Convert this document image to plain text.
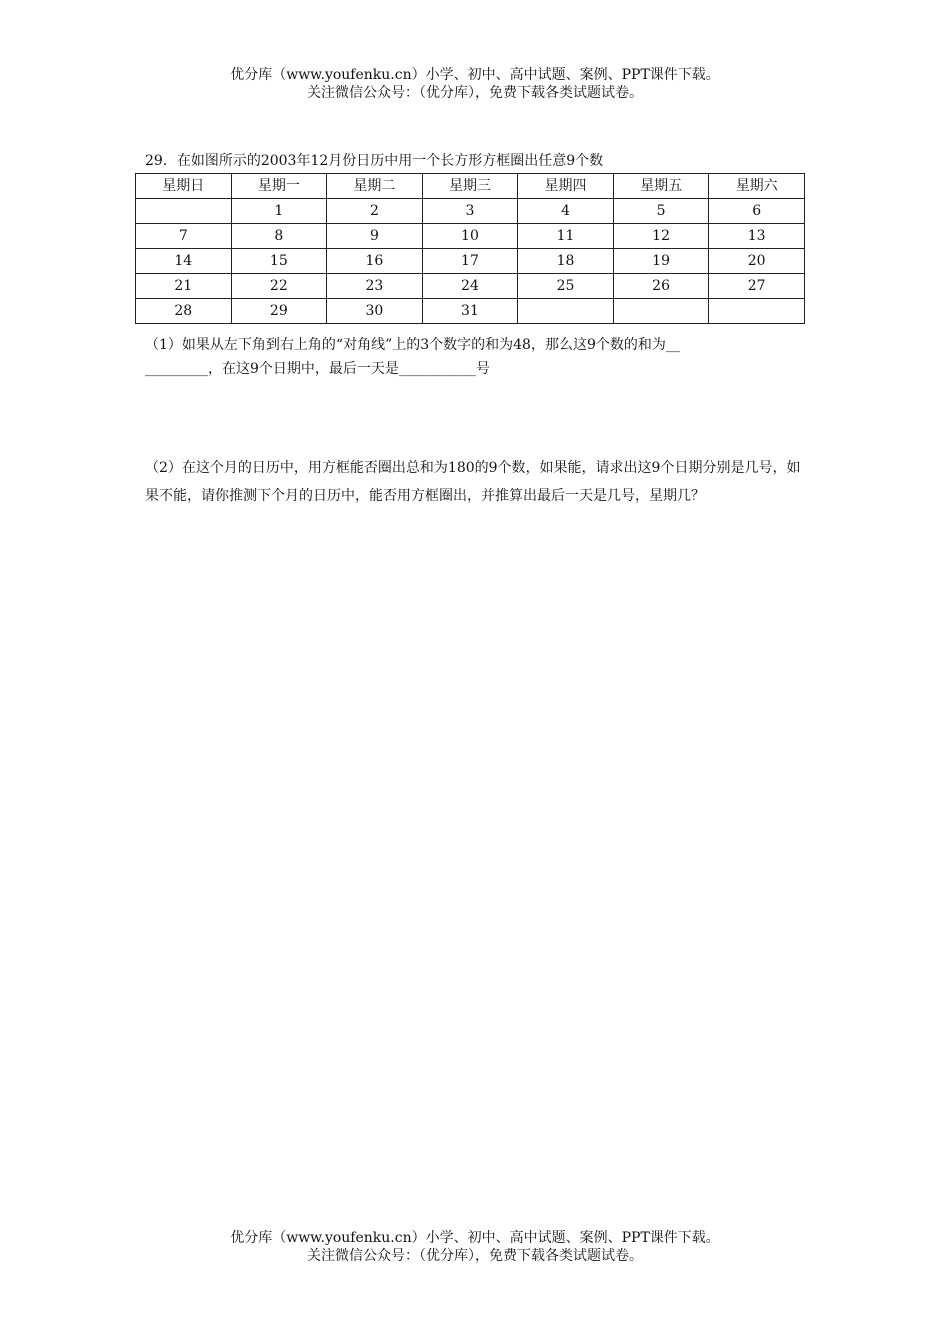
优分库（www.youfenku.cn）小学、初中、高中试题、案例、PPT课件下载。
关注微信公众号：（优分库），免费下载各类试题试卷。
29．在如图所示的2003年12月份日历中用一个长方形方框圈出任意9个数
星期日	星期一	星期二	星期三	星期四	星期五	星期六
	1	2	3	4	5	6
7	8	9	10	11	12	13
14	15	16	17	18	19	20
21	22	23	24	25	26	27
28	29	30	31			
（1）如果从左下角到右上角的“对角线”上的3个数字的和为48，那么这9个数的和为__
_________，在这9个日期中，最后一天是___________号
（2）在这个月的日历中，用方框能否圈出总和为180的9个数，如果能，请求出这9个日期分别是几号，如果不能，请你推测下个月的日历中，能否用方框圈出，并推算出最后一天是几号，星期几？
优分库（www.youfenku.cn）小学、初中、高中试题、案例、PPT课件下载。
关注微信公众号：（优分库），免费下载各类试题试卷。
